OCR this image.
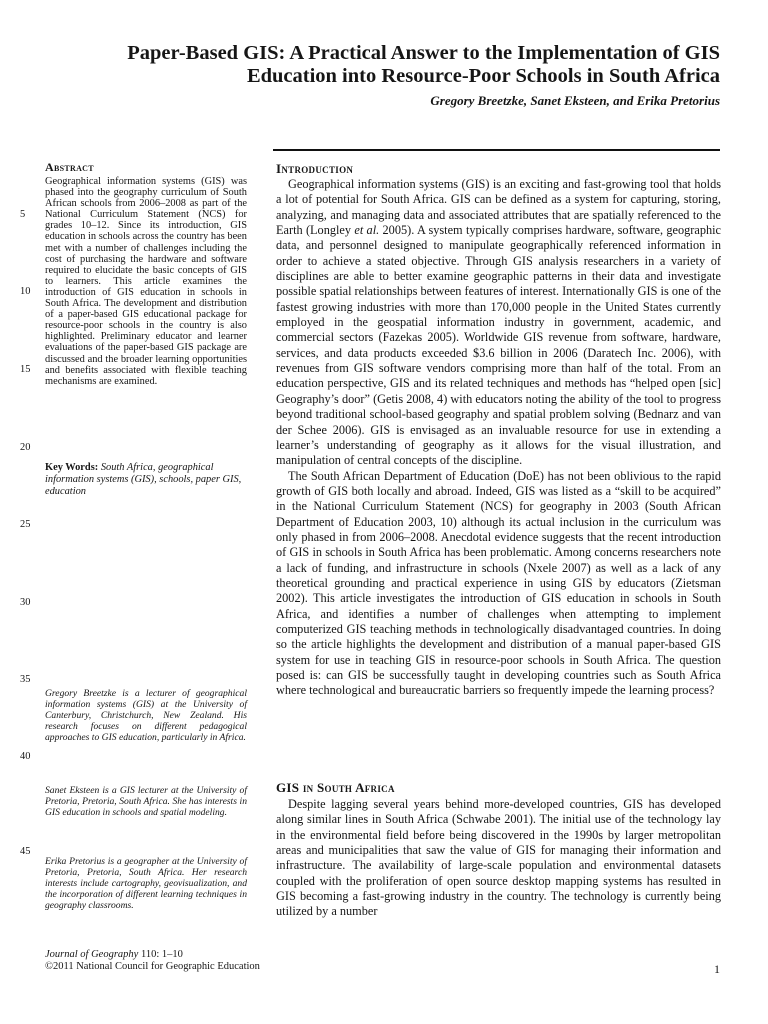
Paper-Based GIS: A Practical Answer to the Implementation of GIS
Education into Resource-Poor Schools in South Africa
Gregory Breetzke, Sanet Eksteen, and Erika Pretorius
Abstract
Geographical information systems (GIS) was phased into the geography curriculum of South African schools from 2006–2008 as part of the National Curriculum Statement (NCS) for grades 10–12. Since its introduction, GIS education in schools across the country has been met with a number of challenges including the cost of purchasing the hardware and software required to elucidate the basic concepts of GIS to learners. This article examines the introduction of GIS education in schools in South Africa. The development and distribution of a paper-based GIS educational package for resource-poor schools in the country is also highlighted. Preliminary educator and learner evaluations of the paper-based GIS package are discussed and the broader learning opportunities and benefits associated with flexible teaching mechanisms are examined.
Key Words: South Africa, geographical information systems (GIS), schools, paper GIS, education
Gregory Breetzke is a lecturer of geographical information systems (GIS) at the University of Canterbury, Christchurch, New Zealand. His research focuses on different pedagogical approaches to GIS education, particularly in Africa.
Sanet Eksteen is a GIS lecturer at the University of Pretoria, Pretoria, South Africa. She has interests in GIS education in schools and spatial modeling.
Erika Pretorius is a geographer at the University of Pretoria, Pretoria, South Africa. Her research interests include cartography, geovisualization, and the incorporation of different learning techniques in geography classrooms.
5
10
15
20
25
30
35
40
45
Introduction

Geographical information systems (GIS) is an exciting and fast-growing tool that holds a lot of potential for South Africa. GIS can be defined as a system for capturing, storing, analyzing, and managing data and associated attributes that are spatially referenced to the Earth (Longley et al. 2005). A system typically comprises hardware, software, geographic data, and personnel designed to manipulate geographically referenced information in order to achieve a stated objective. Through GIS analysis researchers in a variety of disciplines are able to better examine geographic patterns in their data and investigate possible spatial relationships between features of interest. Internationally GIS is one of the fastest growing industries with more than 170,000 people in the United States currently employed in the geospatial information industry in government, academic, and commercial sectors (Fazekas 2005). Worldwide GIS revenue from software, hardware, services, and data products exceeded $3.6 billion in 2006 (Daratech Inc. 2006), with revenues from GIS software vendors comprising more than half of the total. From an education perspective, GIS and its related techniques and methods has “helped open [sic] Geography’s door” (Getis 2008, 4) with educators noting the ability of the tool to progress beyond traditional school-based geography and spatial problem solving (Bednarz and van der Schee 2006). GIS is envisaged as an invaluable resource for use in extending a learner’s understanding of geography as it allows for the visual illustration, and manipulation of central concepts of the discipline.

The South African Department of Education (DoE) has not been oblivious to the rapid growth of GIS both locally and abroad. Indeed, GIS was listed as a “skill to be acquired” in the National Curriculum Statement (NCS) for geography in 2003 (South African Department of Education 2003, 10) although its actual inclusion in the curriculum was only phased in from 2006–2008. Anecdotal evidence suggests that the recent introduction of GIS in schools in South Africa has been problematic. Among concerns researchers note a lack of funding, and infrastructure in schools (Nxele 2007) as well as a lack of any theoretical grounding and practical experience in using GIS by educators (Zietsman 2002). This article investigates the introduction of GIS education in schools in South Africa, and identifies a number of challenges when attempting to implement computerized GIS teaching methods in technologically disadvantaged countries. In doing so the article highlights the development and distribution of a manual paper-based GIS system for use in teaching GIS in resource-poor schools in South Africa. The question posed is: can GIS be successfully taught in developing countries such as South Africa where technological and bureaucratic barriers so frequently impede the learning process?

GIS in South Africa

Despite lagging several years behind more-developed countries, GIS has developed along similar lines in South Africa (Schwabe 2001). The initial use of the technology lay in the environmental field before being discovered in the 1990s by larger metropolitan areas and municipalities that saw the value of GIS for managing their information and infrastructure. The availability of large-scale population and environmental datasets coupled with the proliferation of open source desktop mapping systems has resulted in GIS becoming a fast-growing industry in the country. The technology is currently being utilized by a number

Journal of Geography 110: 1–10
©2011 National Council for Geographic Education	1
